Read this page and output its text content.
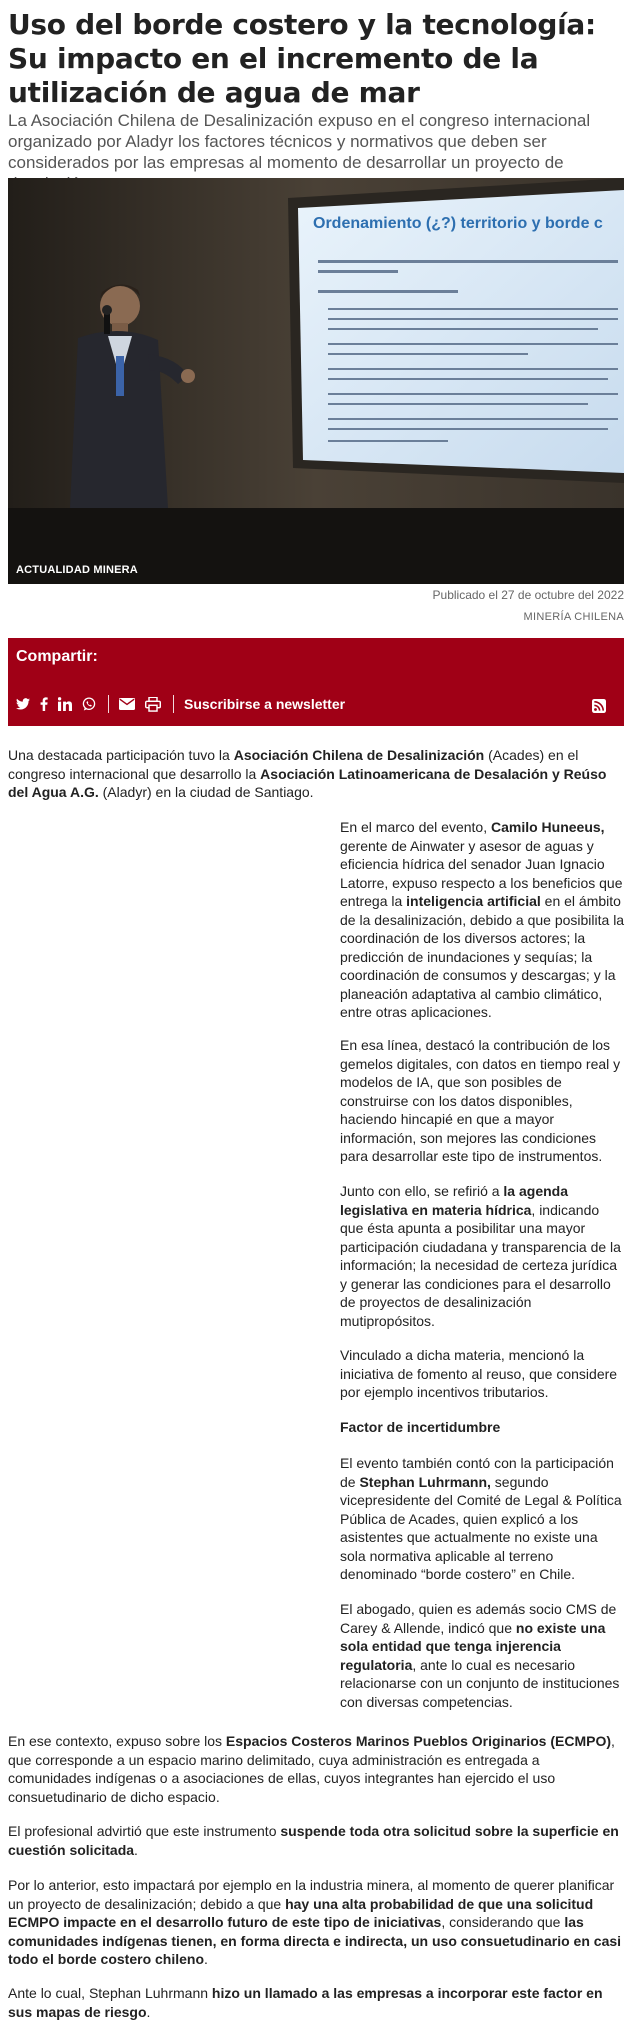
Uso del borde costero y la tecnología: Su impacto en el incremento de la utilización de agua de mar

La Asociación Chilena de Desalinización expuso en el congreso internacional organizado por Aladyr los factores técnicos y normativos que deben ser considerados por las empresas al momento de desarrollar un proyecto de

Ordenamiento (¿?) territorio y borde c
ACTUALIDAD MINERA
Publicado el 27 de octubre del 2022
MINERÍA CHILENA
Compartir:
Suscribirse a newsletter

Una destacada participación tuvo la Asociación Chilena de Desalinización (Acades) en el congreso internacional que desarrollo la Asociación Latinoamericana de Desalación y Reúso del Agua A.G. (Aladyr) en la ciudad de Santiago.

En el marco del evento, Camilo Huneeus, gerente de Ainwater y asesor de aguas y eficiencia hídrica del senador Juan Ignacio Latorre, expuso respecto a los beneficios que entrega la inteligencia artificial en el ámbito de la desalinización, debido a que posibilita la coordinación de los diversos actores; la predicción de inundaciones y sequías; la coordinación de consumos y descargas; y la planeación adaptativa al cambio climático, entre otras aplicaciones.

En esa línea, destacó la contribución de los gemelos digitales, con datos en tiempo real y modelos de IA, que son posibles de construirse con los datos disponibles, haciendo hincapié en que a mayor información, son mejores las condiciones para desarrollar este tipo de instrumentos.

Junto con ello, se refirió a la agenda legislativa en materia hídrica, indicando que ésta apunta a posibilitar una mayor participación ciudadana y transparencia de la información; la necesidad de certeza jurídica y generar las condiciones para el desarrollo de proyectos de desalinización mutipropósitos.

Vinculado a dicha materia, mencionó la iniciativa de fomento al reuso, que considere por ejemplo incentivos tributarios.

Factor de incertidumbre

El evento también contó con la participación de Stephan Luhrmann, segundo vicepresidente del Comité de Legal & Política Pública de Acades, quien explicó a los asistentes que actualmente no existe una sola normativa aplicable al terreno denominado “borde costero” en Chile.

El abogado, quien es además socio CMS de Carey & Allende, indicó que no existe una sola entidad que tenga injerencia regulatoria, ante lo cual es necesario relacionarse con un conjunto de instituciones con diversas competencias.

En ese contexto, expuso sobre los Espacios Costeros Marinos Pueblos Originarios (ECMPO), que corresponde a un espacio marino delimitado, cuya administración es entregada a comunidades indígenas o a asociaciones de ellas, cuyos integrantes han ejercido el uso consuetudinario de dicho espacio.

El profesional advirtió que este instrumento suspende toda otra solicitud sobre la superficie en cuestión solicitada.

Por lo anterior, esto impactará por ejemplo en la industria minera, al momento de querer planificar un proyecto de desalinización; debido a que hay una alta probabilidad de que una solicitud ECMPO impacte en el desarrollo futuro de este tipo de iniciativas, considerando que las comunidades indígenas tienen, en forma directa e indirecta, un uso consuetudinario en casi todo el borde costero chileno.

Ante lo cual, Stephan Luhrmann hizo un llamado a las empresas a incorporar este factor en sus mapas de riesgo.
